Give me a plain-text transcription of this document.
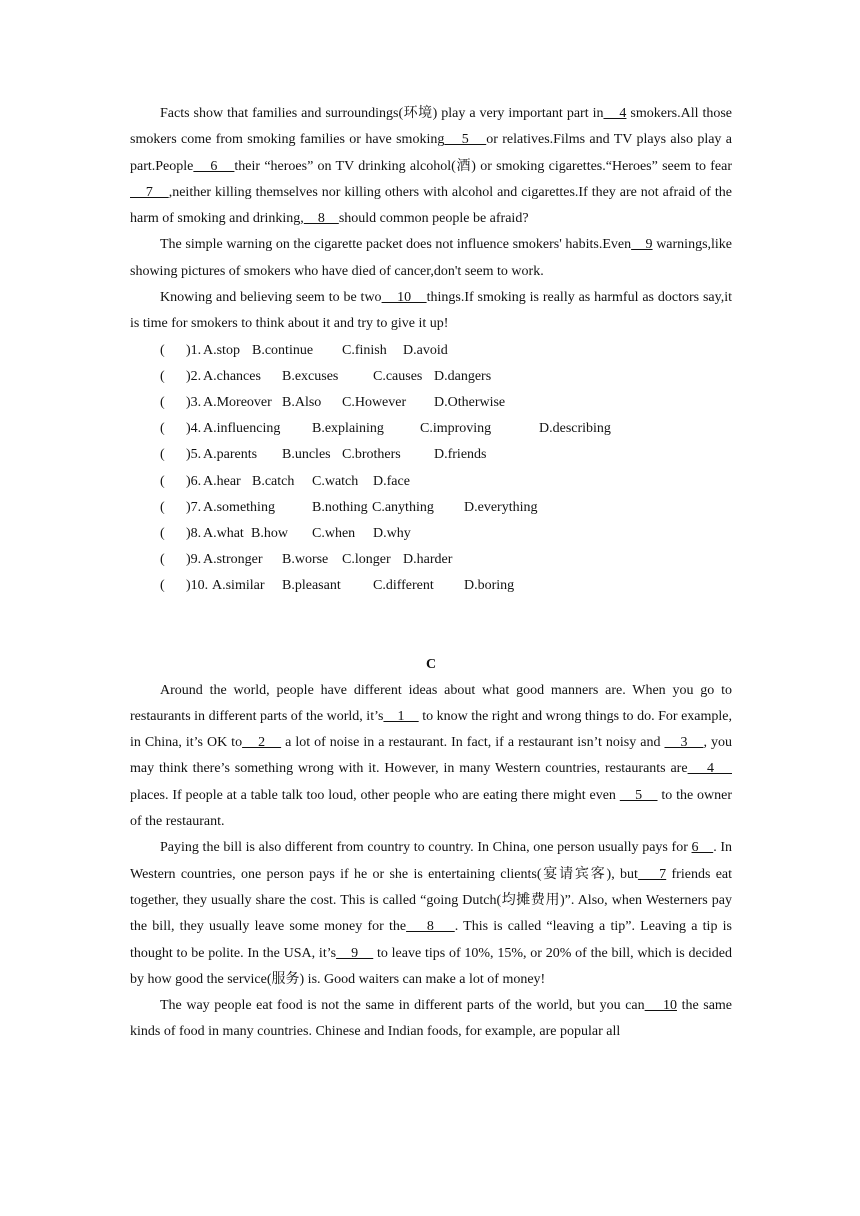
Facts show that families and surroundings(环境) play a very important part in    4 smokers.All those smokers come from smoking families or have smoking    5    or relatives.Films and TV plays also play a part.People    6    their “heroes” on TV drinking alcohol(酒) or smoking cigarettes.“Heroes” seem to fear    7    ,neither killing themselves nor killing others with alcohol and cigarettes.If they are not afraid of the harm of smoking and drinking,    8    should common people be afraid?

The simple warning on the cigarette packet does not influence smokers' habits.Even    9 warnings,like showing pictures of smokers who have died of cancer,don't seem to work.

Knowing and believing seem to be two    10    things.If smoking is really as harmful as doctors say,it is time for smokers to think about it and try to give it up!

( )1. A.stop B.continue C.finish D.avoid
( )2. A.chances B.excuses C.causes D.dangers
( )3. A.Moreover B.Also C.However D.Otherwise
( )4. A.influencing B.explaining	C.improving	D.describing
( )5. A.parents B.uncles C.brothers D.friends
( )6. A.hear B.catch C.watch D.face
( )7. A.something	B.nothing C.anything D.everything
( )8. A.what B.how C.when D.why
( )9. A.stronger B.worse C.longer D.harder
( )10. A.similar B.pleasant C.different D.boring

C

Around the world, people have different ideas about what good manners are. When you go to restaurants in different parts of the world, it’s    1     to know the right and wrong things to do. For example, in China, it’s OK to    2     a lot of noise in a restaurant. In fact, if a restaurant isn’t noisy and     3    , you may think there’s something wrong with it. However, in many Western countries, restaurants are    4     places. If people at a table talk too loud, other people who are eating there might even     5     to the owner of the restaurant.

Paying the bill is also different from country to country. In China, one person usually pays for 6    . In Western countries, one person pays if he or she is entertaining clients(宴请宾客), but    7 friends eat together, they usually share the cost. This is called “going Dutch(均摊费用)”. Also, when Westerners pay the bill, they usually leave some money for the    8    . This is called “leaving a tip”. Leaving a tip is thought to be polite. In the USA, it’s    9     to leave tips of 10%, 15%, or 20% of the bill, which is decided by how good the service(服务) is. Good waiters can make a lot of money!

The way people eat food is not the same in different parts of the world, but you can    10 the same kinds of food in many countries. Chinese and Indian foods, for example, are popular all
